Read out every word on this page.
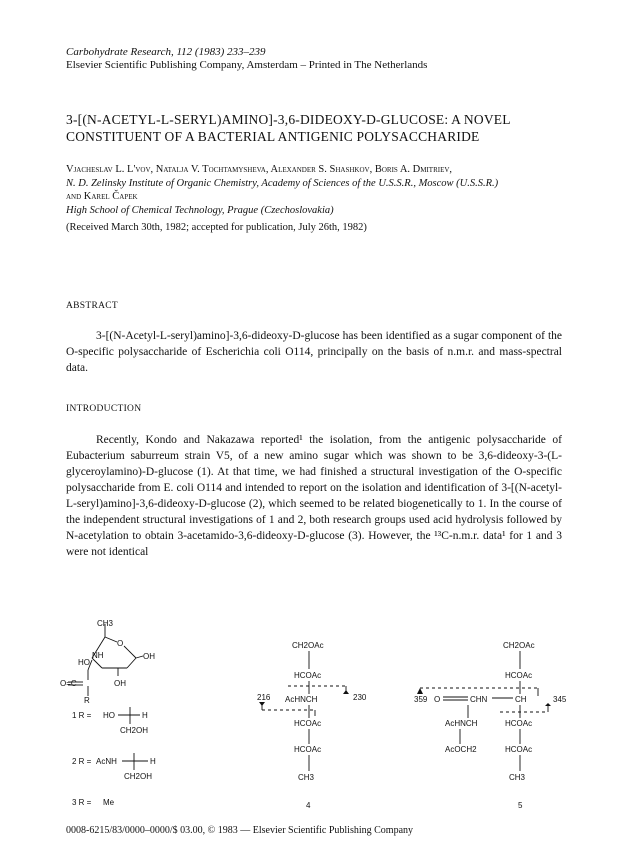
Carbohydrate Research, 112 (1983) 233–239
Elsevier Scientific Publishing Company, Amsterdam – Printed in The Netherlands
3-[(N-ACETYL-L-SERYL)AMINO]-3,6-DIDEOXY-D-GLUCOSE: A NOVEL
CONSTITUENT OF A BACTERIAL ANTIGENIC POLYSACCHARIDE
Vjacheslav L. L'vov, Natalja V. Tochtamysheva, Alexander S. Shashkov, Boris A. Dmitriev,
N. D. Zelinsky Institute of Organic Chemistry, Academy of Sciences of the U.S.S.R., Moscow (U.S.S.R.)
and Karel Čapek
High School of Chemical Technology, Prague (Czechoslovakia)
(Received March 30th, 1982; accepted for publication, July 26th, 1982)
ABSTRACT
3-[(N-Acetyl-L-seryl)amino]-3,6-dideoxy-D-glucose has been identified as a sugar component of the O-specific polysaccharide of Escherichia coli O114, principally on the basis of n.m.r. and mass-spectral data.
INTRODUCTION
Recently, Kondo and Nakazawa reported¹ the isolation, from the antigenic polysaccharide of Eubacterium saburreum strain V5, of a new amino sugar which was shown to be 3,6-dideoxy-3-(L-glyceroylamino)-D-glucose (1). At that time, we had finished a structural investigation of the O-specific polysaccharide from E. coli O114 and intended to report on the isolation and identification of 3-[(N-acetyl-L-seryl)amino]-3,6-dideoxy-D-glucose (2), which seemed to be related biogenetically to 1. In the course of the independent structural investigations of 1 and 2, both research groups used acid hydrolysis followed by N-acetylation to obtain 3-acetamido-3,6-dideoxy-D-glucose (3). However, the ¹³C-n.m.r. data¹ for 1 and 3 were not identical
CH3
O
OH
HO
NH
OH
O=C
R
1 R = HO	H
CH2OH
2 R = AcNH	H
CH2OH
3 R = Me
CH2OAc
HCOAc
AcHNCH
HCOAc
HCOAc
CH3
216	230
4
CH2OAc
HCOAc
CH
HCOAc
HCOAc
CH3
O	CHN
AcHNCH
AcOCH2
359	345
5
0008-6215/83/0000–0000/$ 03.00, © 1983 — Elsevier Scientific Publishing Company
